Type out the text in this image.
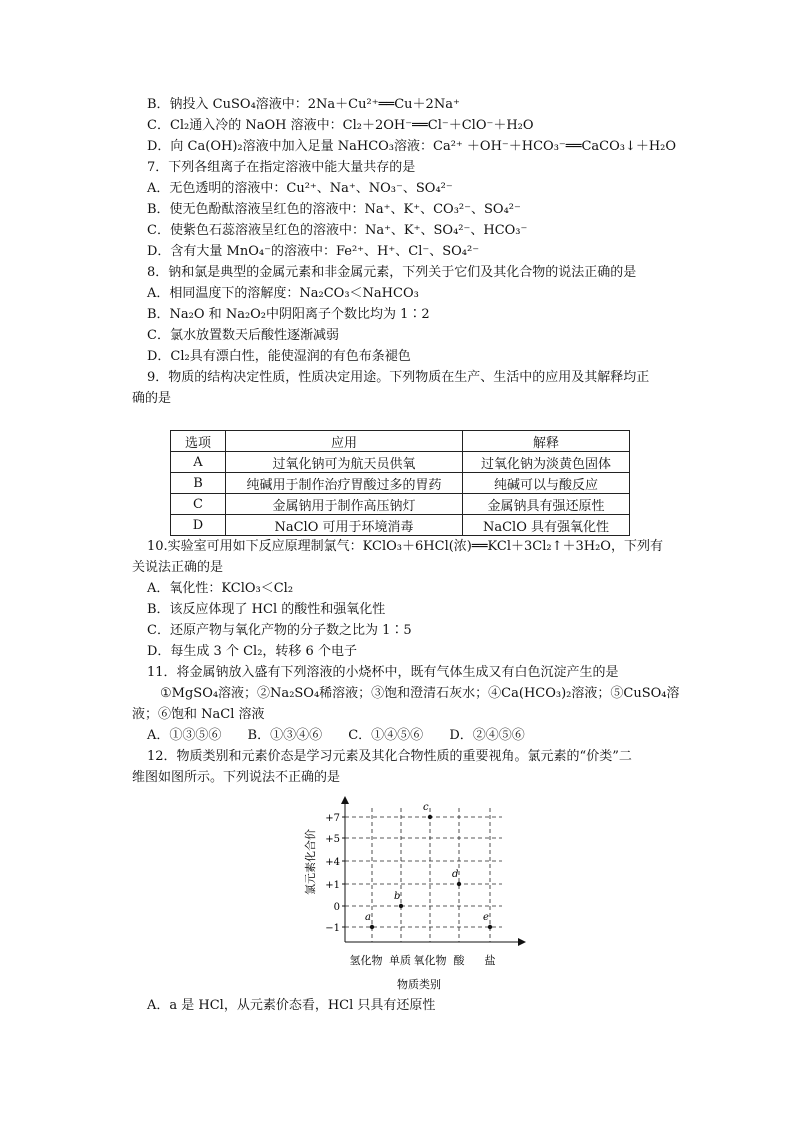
B．钠投入 CuSO₄溶液中：2Na＋Cu²⁺══Cu＋2Na⁺
C．Cl₂通入冷的 NaOH 溶液中：Cl₂＋2OH⁻══Cl⁻＋ClO⁻＋H₂O
D．向 Ca(OH)₂溶液中加入足量 NaHCO₃溶液：Ca²⁺ ＋OH⁻＋HCO₃⁻══CaCO₃↓＋H₂O
7．下列各组离子在指定溶液中能大量共存的是
A．无色透明的溶液中：Cu²⁺、Na⁺、NO₃⁻、SO₄²⁻
B．使无色酚酞溶液呈红色的溶液中：Na⁺、K⁺、CO₃²⁻、SO₄²⁻
C．使紫色石蕊溶液呈红色的溶液中：Na⁺、K⁺、SO₄²⁻、HCO₃⁻
D．含有大量 MnO₄⁻的溶液中：Fe²⁺、H⁺、Cl⁻、SO₄²⁻
8．钠和氯是典型的金属元素和非金属元素，下列关于它们及其化合物的说法正确的是
A．相同温度下的溶解度：Na₂CO₃＜NaHCO₃
B．Na₂O 和 Na₂O₂中阴阳离子个数比均为 1∶2
C．氯水放置数天后酸性逐渐减弱
D．Cl₂具有漂白性，能使湿润的有色布条褪色
9．物质的结构决定性质，性质决定用途。下列物质在生产、生活中的应用及其解释均正
确的是
选项	应用	解释
A	过氧化钠可为航天员供氧	过氧化钠为淡黄色固体
B	纯碱用于制作治疗胃酸过多的胃药	纯碱可以与酸反应
C	金属钠用于制作高压钠灯	金属钠具有强还原性
D	NaClO 可用于环境消毒	NaClO 具有强氧化性
10.实验室可用如下反应原理制氯气：KClO₃＋6HCl(浓)══KCl＋3Cl₂↑＋3H₂O，下列有
关说法正确的是
A．氧化性：KClO₃＜Cl₂
B．该反应体现了 HCl 的酸性和强氧化性
C．还原产物与氧化产物的分子数之比为 1∶5
D．每生成 3 个 Cl₂，转移 6 个电子
11．将金属钠放入盛有下列溶液的小烧杯中，既有气体生成又有白色沉淀产生的是
①MgSO₄溶液；②Na₂SO₄稀溶液；③饱和澄清石灰水；④Ca(HCO₃)₂溶液；⑤CuSO₄溶
液；⑥饱和 NaCl 溶液
A．①③⑤⑥ B．①③④⑥ C．①④⑤⑥ D．②④⑤⑥
12．物质类别和元素价态是学习元素及其化合物性质的重要视角。氯元素的“价类”二
维图如图所示。下列说法不正确的是
氯元素化合价
物质类别
−1
0
+1
+4
+5
+7
氢化物 单质 氧化物 酸 盐
a
b
c
d
e
A．a 是 HCl，从元素价态看，HCl 只具有还原性
